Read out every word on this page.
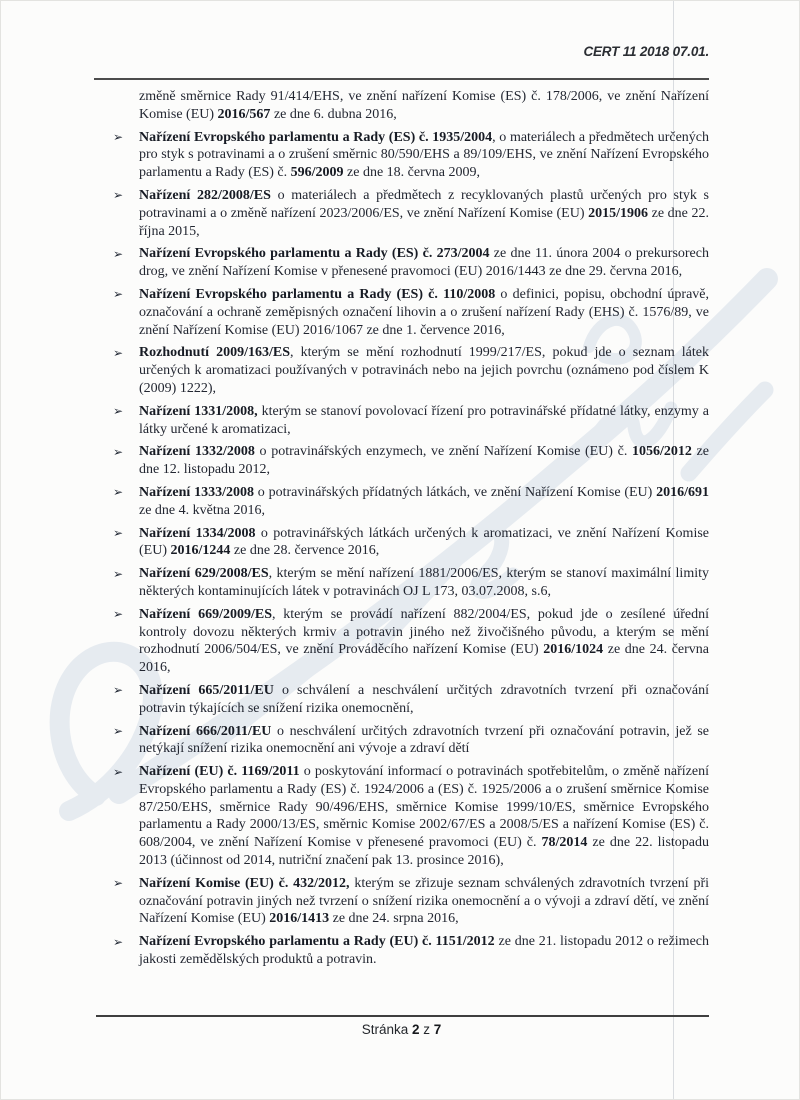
CERT 11 2018 07.01.

změně směrnice Rady 91/414/EHS, ve znění nařízení Komise (ES) č. 178/2006, ve znění Nařízení Komise (EU) 2016/567 ze dne 6. dubna 2016,

➢ Nařízení Evropského parlamentu a Rady (ES) č. 1935/2004, o materiálech a předmětech určených pro styk s potravinami a o zrušení směrnic 80/590/EHS a 89/109/EHS, ve znění Nařízení Evropského parlamentu a Rady (ES) č. 596/2009 ze dne 18. června 2009,
➢ Nařízení 282/2008/ES o materiálech a předmětech z recyklovaných plastů určených pro styk s potravinami a o změně nařízení 2023/2006/ES, ve znění Nařízení Komise (EU) 2015/1906 ze dne 22. října 2015,
➢ Nařízení Evropského parlamentu a Rady (ES) č. 273/2004 ze dne 11. února 2004 o prekursorech drog, ve znění Nařízení Komise v přenesené pravomoci (EU) 2016/1443 ze dne 29. června 2016,
➢ Nařízení Evropského parlamentu a Rady (ES) č. 110/2008 o definici, popisu, obchodní úpravě, označování a ochraně zeměpisných označení lihovin a o zrušení nařízení Rady (EHS) č. 1576/89, ve znění Nařízení Komise (EU) 2016/1067 ze dne 1. července 2016,
➢ Rozhodnutí 2009/163/ES, kterým se mění rozhodnutí 1999/217/ES, pokud jde o seznam látek určených k aromatizaci používaných v potravinách nebo na jejich povrchu (oznámeno pod číslem K (2009) 1222),
➢ Nařízení 1331/2008, kterým se stanoví povolovací řízení pro potravinářské přídatné látky, enzymy a látky určené k aromatizaci,
➢ Nařízení 1332/2008 o potravinářských enzymech, ve znění Nařízení Komise (EU) č. 1056/2012 ze dne 12. listopadu 2012,
➢ Nařízení 1333/2008 o potravinářských přídatných látkách, ve znění Nařízení Komise (EU) 2016/691 ze dne 4. května 2016,
➢ Nařízení 1334/2008 o potravinářských látkách určených k aromatizaci, ve znění Nařízení Komise (EU) 2016/1244 ze dne 28. července 2016,
➢ Nařízení 629/2008/ES, kterým se mění nařízení 1881/2006/ES, kterým se stanoví maximální limity některých kontaminujících látek v potravinách OJ L 173, 03.07.2008, s.6,
➢ Nařízení 669/2009/ES, kterým se provádí nařízení 882/2004/ES, pokud jde o zesílené úřední kontroly dovozu některých krmiv a potravin jiného než živočišného původu, a kterým se mění rozhodnutí 2006/504/ES, ve znění Prováděcího nařízení Komise (EU) 2016/1024 ze dne 24. června 2016,
➢ Nařízení 665/2011/EU o schválení a neschválení určitých zdravotních tvrzení při označování potravin týkajících se snížení rizika onemocnění,
➢ Nařízení 666/2011/EU o neschválení určitých zdravotních tvrzení při označování potravin, jež se netýkají snížení rizika onemocnění ani vývoje a zdraví dětí
➢ Nařízení (EU) č. 1169/2011 o poskytování informací o potravinách spotřebitelům, o změně nařízení Evropského parlamentu a Rady (ES) č. 1924/2006 a (ES) č. 1925/2006 a o zrušení směrnice Komise 87/250/EHS, směrnice Rady 90/496/EHS, směrnice Komise 1999/10/ES, směrnice Evropského parlamentu a Rady 2000/13/ES, směrnic Komise 2002/67/ES a 2008/5/ES a nařízení Komise (ES) č. 608/2004, ve znění Nařízení Komise v přenesené pravomoci (EU) č. 78/2014 ze dne 22. listopadu 2013 (účinnost od 2014, nutriční značení pak 13. prosince 2016),
➢ Nařízení Komise (EU) č. 432/2012, kterým se zřizuje seznam schválených zdravotních tvrzení při označování potravin jiných než tvrzení o snížení rizika onemocnění a o vývoji a zdraví dětí, ve znění Nařízení Komise (EU) 2016/1413 ze dne 24. srpna 2016,
➢ Nařízení Evropského parlamentu a Rady (EU) č. 1151/2012 ze dne 21. listopadu 2012 o režimech jakosti zemědělských produktů a potravin.
Stránka 2 z 7
